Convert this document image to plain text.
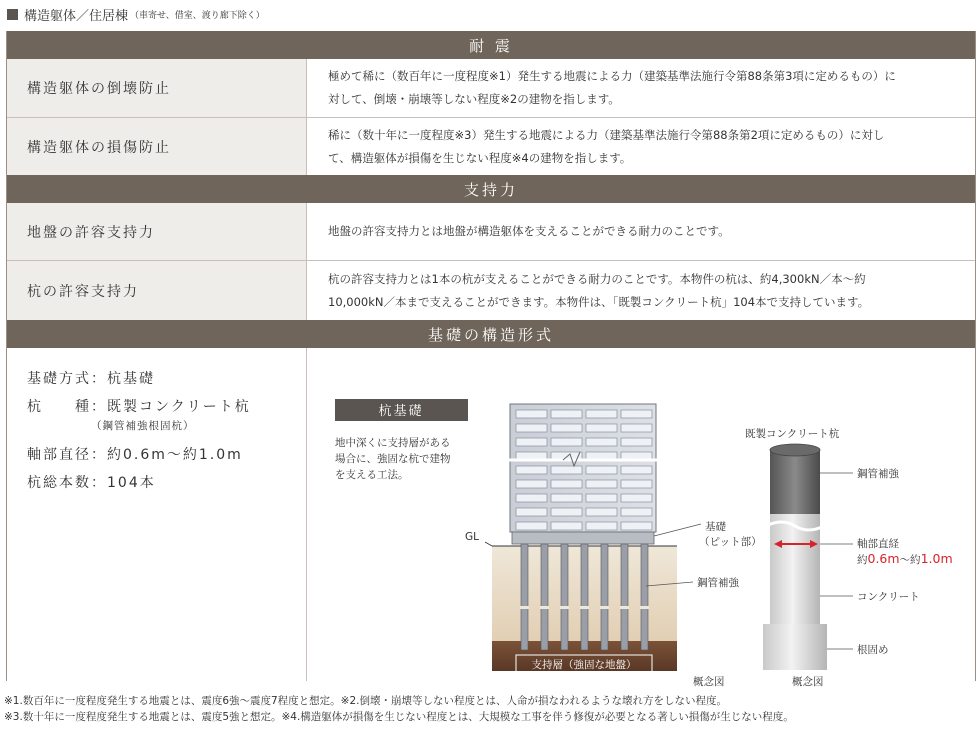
構造躯体／住居棟 （車寄せ、借室、渡り廊下除く）
耐 震
構造躯体の倒壊防止
極めて稀に（数百年に一度程度※1）発生する地震による力（建築基準法施行令第88条第3項に定めるもの）に
対して、倒壊・崩壊等しない程度※2の建物を指します。
構造躯体の損傷防止
稀に（数十年に一度程度※3）発生する地震による力（建築基準法施行令第88条第2項に定めるもの）に対し
て、構造躯体が損傷を生じない程度※4の建物を指します。
支持力
地盤の許容支持力	地盤の許容支持力とは地盤が構造躯体を支えることができる耐力のことです。
杭の許容支持力
杭の許容支持力とは1本の杭が支えることができる耐力のことです。本物件の杭は、約4,300kN／本〜約
10,000kN／本まで支えることができます。本物件は、「既製コンクリート杭」104本で支持しています。
基礎の構造形式
基礎方式：杭基礎
杭　　種：既製コンクリート杭
（鋼管補強根固杭）
軸部直径：約0.6m〜約1.0m
杭総本数：104本
杭基礎
地中深くに支持層がある
場合に、強固な杭で建物
を支える工法。
支持層（強固な地盤）
GL
基礎
（ピット部）
鋼管補強
概念図
既製コンクリート杭
鋼管補強
軸部直経
約0.6m〜約1.0m
コンクリート
根固め
概念図
※1.数百年に一度程度発生する地震とは、震度6強〜震度7程度と想定。※2.倒壊・崩壊等しない程度とは、人命が損なわれるような壊れ方をしない程度。
※3.数十年に一度程度発生する地震とは、震度5強と想定。※4.構造躯体が損傷を生じない程度とは、大規模な工事を伴う修復が必要となる著しい損傷が生じない程度。
